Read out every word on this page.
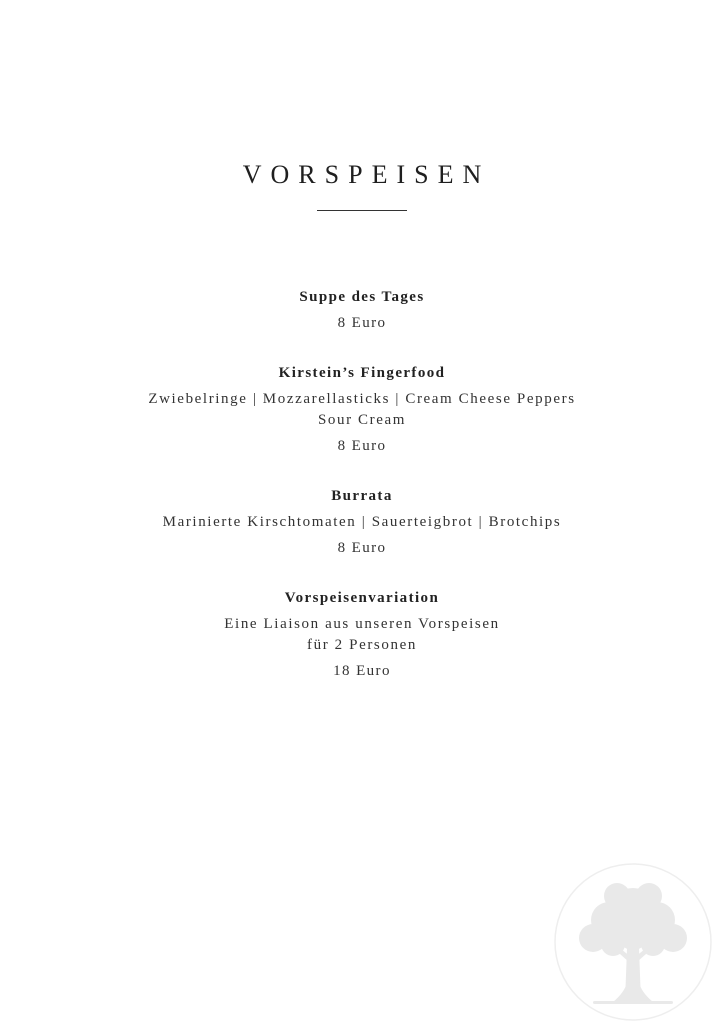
VORSPEISEN
Suppe des Tages
8 Euro
Kirstein’s Fingerfood
Zwiebelringe | Mozzarellasticks | Cream Cheese Peppers
Sour Cream
8 Euro
Burrata
Marinierte Kirschtomaten | Sauerteigbrot | Brotchips
8 Euro
Vorspeisenvariation
Eine Liaison aus unseren Vorspeisen
für 2 Personen
18 Euro
